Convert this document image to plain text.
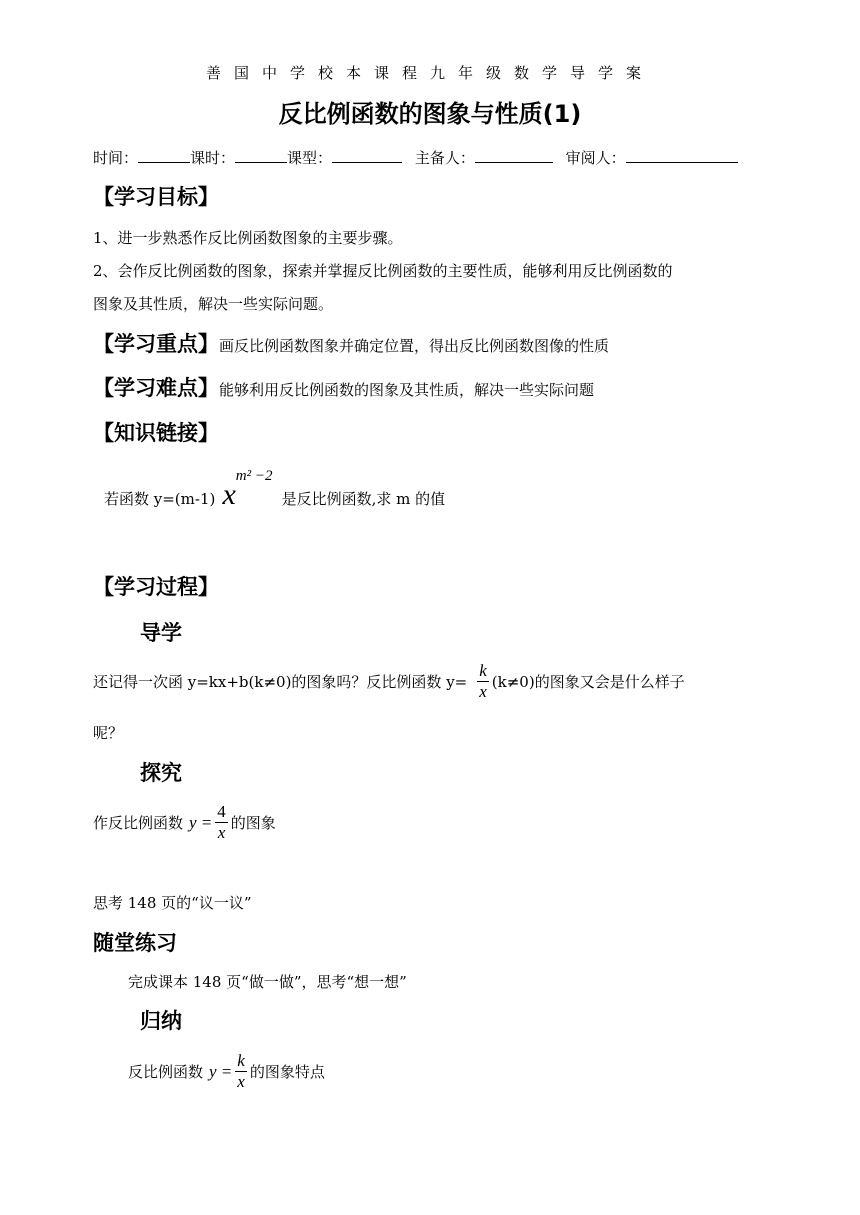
善国中学校本课程九年级数学导学案
反比例函数的图象与性质(1)
时间：	课时：	课型：	主备人：	审阅人：
【学习目标】
1、进一步熟悉作反比例函数图象的主要步骤。
2、会作反比例函数的图象，探索并掌握反比例函数的主要性质，能够利用反比例函数的
图象及其性质，解决一些实际问题。
【学习重点】画反比例函数图象并确定位置，得出反比例函数图像的性质
【学习难点】能够利用反比例函数的图象及其性质，解决一些实际问题
【知识链接】
若函数 y=(m-1) xm² −2 是反比例函数,求 m 的值
【学习过程】
导学
还记得一次函 y=kx+b(k≠0)的图象吗？反比例函数 $y= \frac{k}{x} (k\ne 0)$的图象又会是什么样子
呢？
探究
作反比例函数 $y = \frac{4}{x}$ 的图象
思考 148 页的“议一议”
随堂练习
完成课本 148 页“做一做”，思考“想一想”
归纳
反比例函数 $y = \frac{k}{x}$ 的图象特点
